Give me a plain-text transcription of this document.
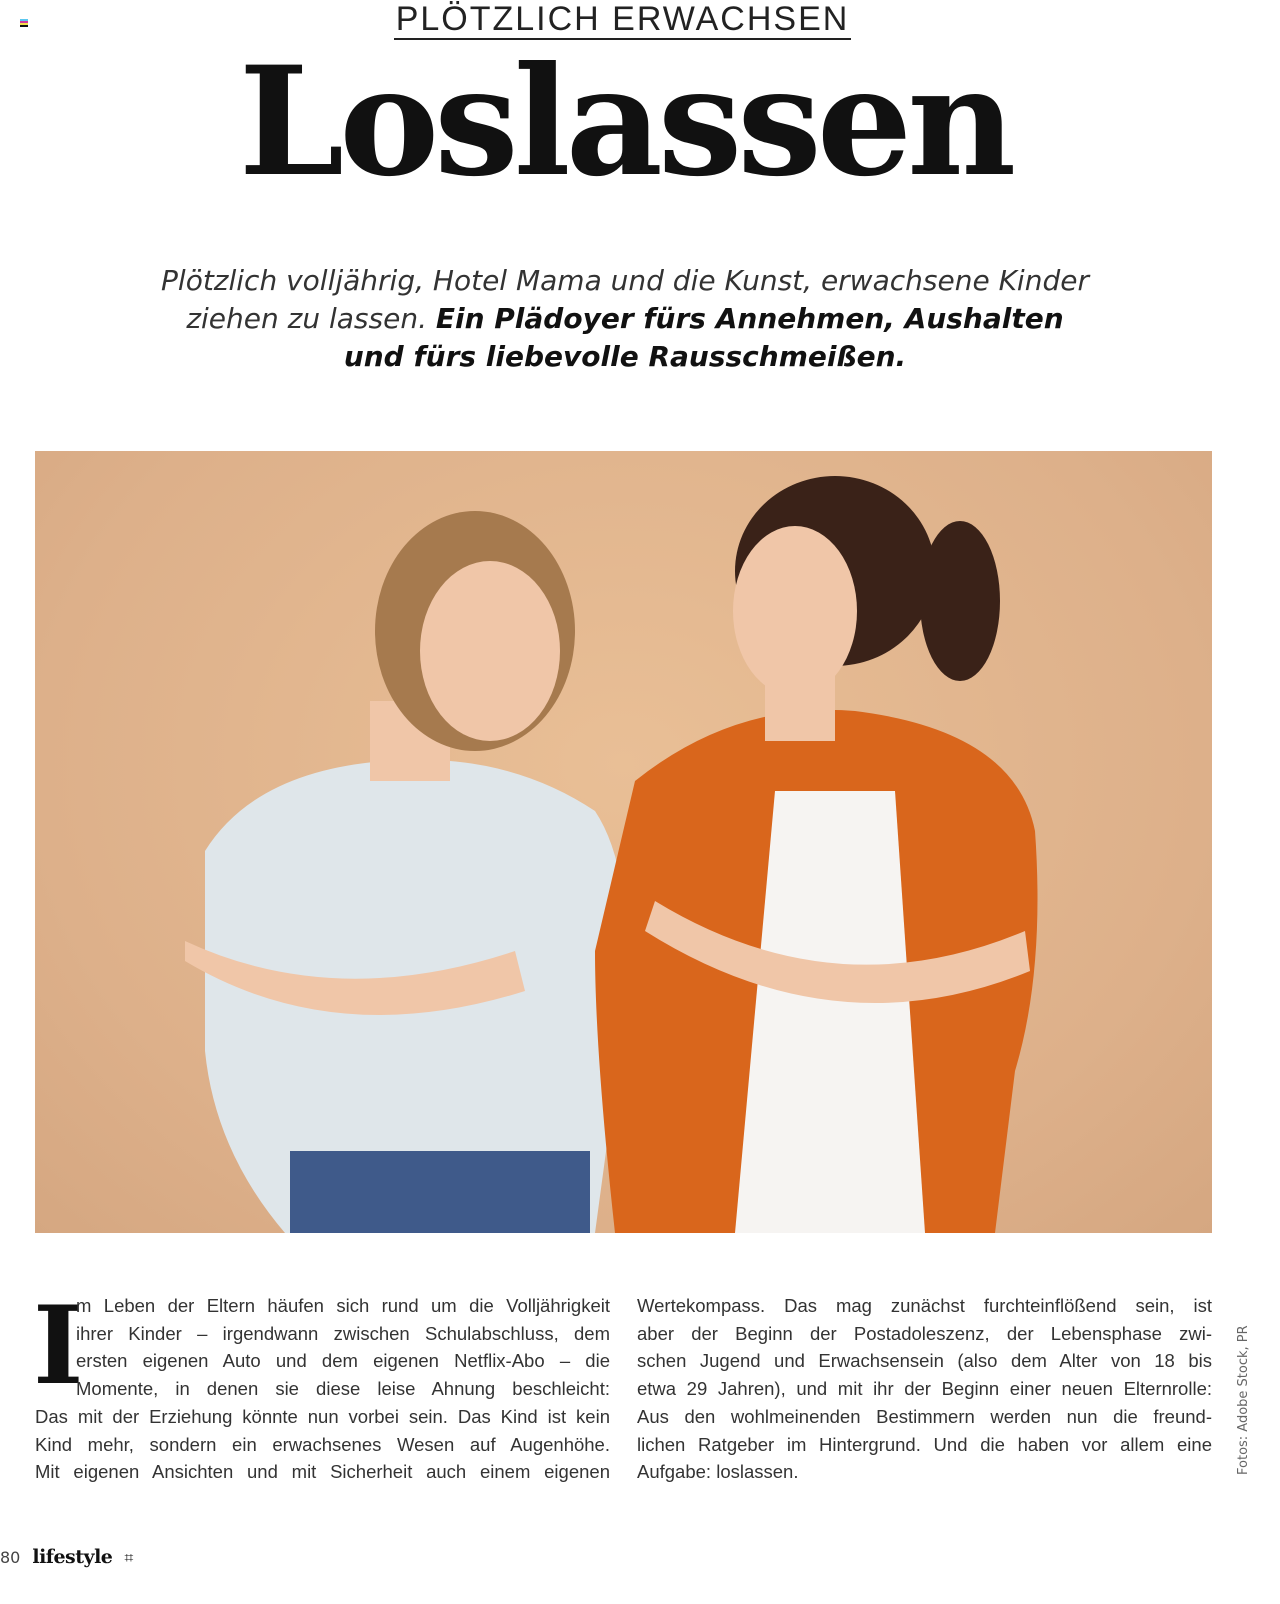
PLÖTZLICH ERWACHSEN
Loslassen
Plötzlich volljährig, Hotel Mama und die Kunst, erwachsene Kinder
ziehen zu lassen. Ein Plädoyer fürs Annehmen, Aushalten
und fürs liebevolle Rausschmeißen.
I
m Leben der Eltern häufen sich rund um die Volljährigkeit
ihrer Kinder – irgendwann zwischen Schulabschluss, dem
ersten eigenen Auto und dem eigenen Netflix-Abo – die
Momente, in denen sie diese leise Ahnung beschleicht:
Das mit der Erziehung könnte nun vorbei sein. Das Kind ist kein
Kind mehr, sondern ein erwachsenes Wesen auf Augenhöhe.
Mit eigenen Ansichten und mit Sicherheit auch einem eigenen
Wertekompass. Das mag zunächst furchteinflößend sein, ist
aber der Beginn der Postadoleszenz, der Lebensphase zwi-
schen Jugend und Erwachsensein (also dem Alter von 18 bis
etwa 29 Jahren), und mit ihr der Beginn einer neuen Elternrolle:
Aus den wohlmeinenden Bestimmern werden nun die freund-
lichen Ratgeber im Hintergrund. Und die haben vor allem eine
Aufgabe: loslassen.	Fotos: Adobe Stock, PR
80 lifestyle ⌗
